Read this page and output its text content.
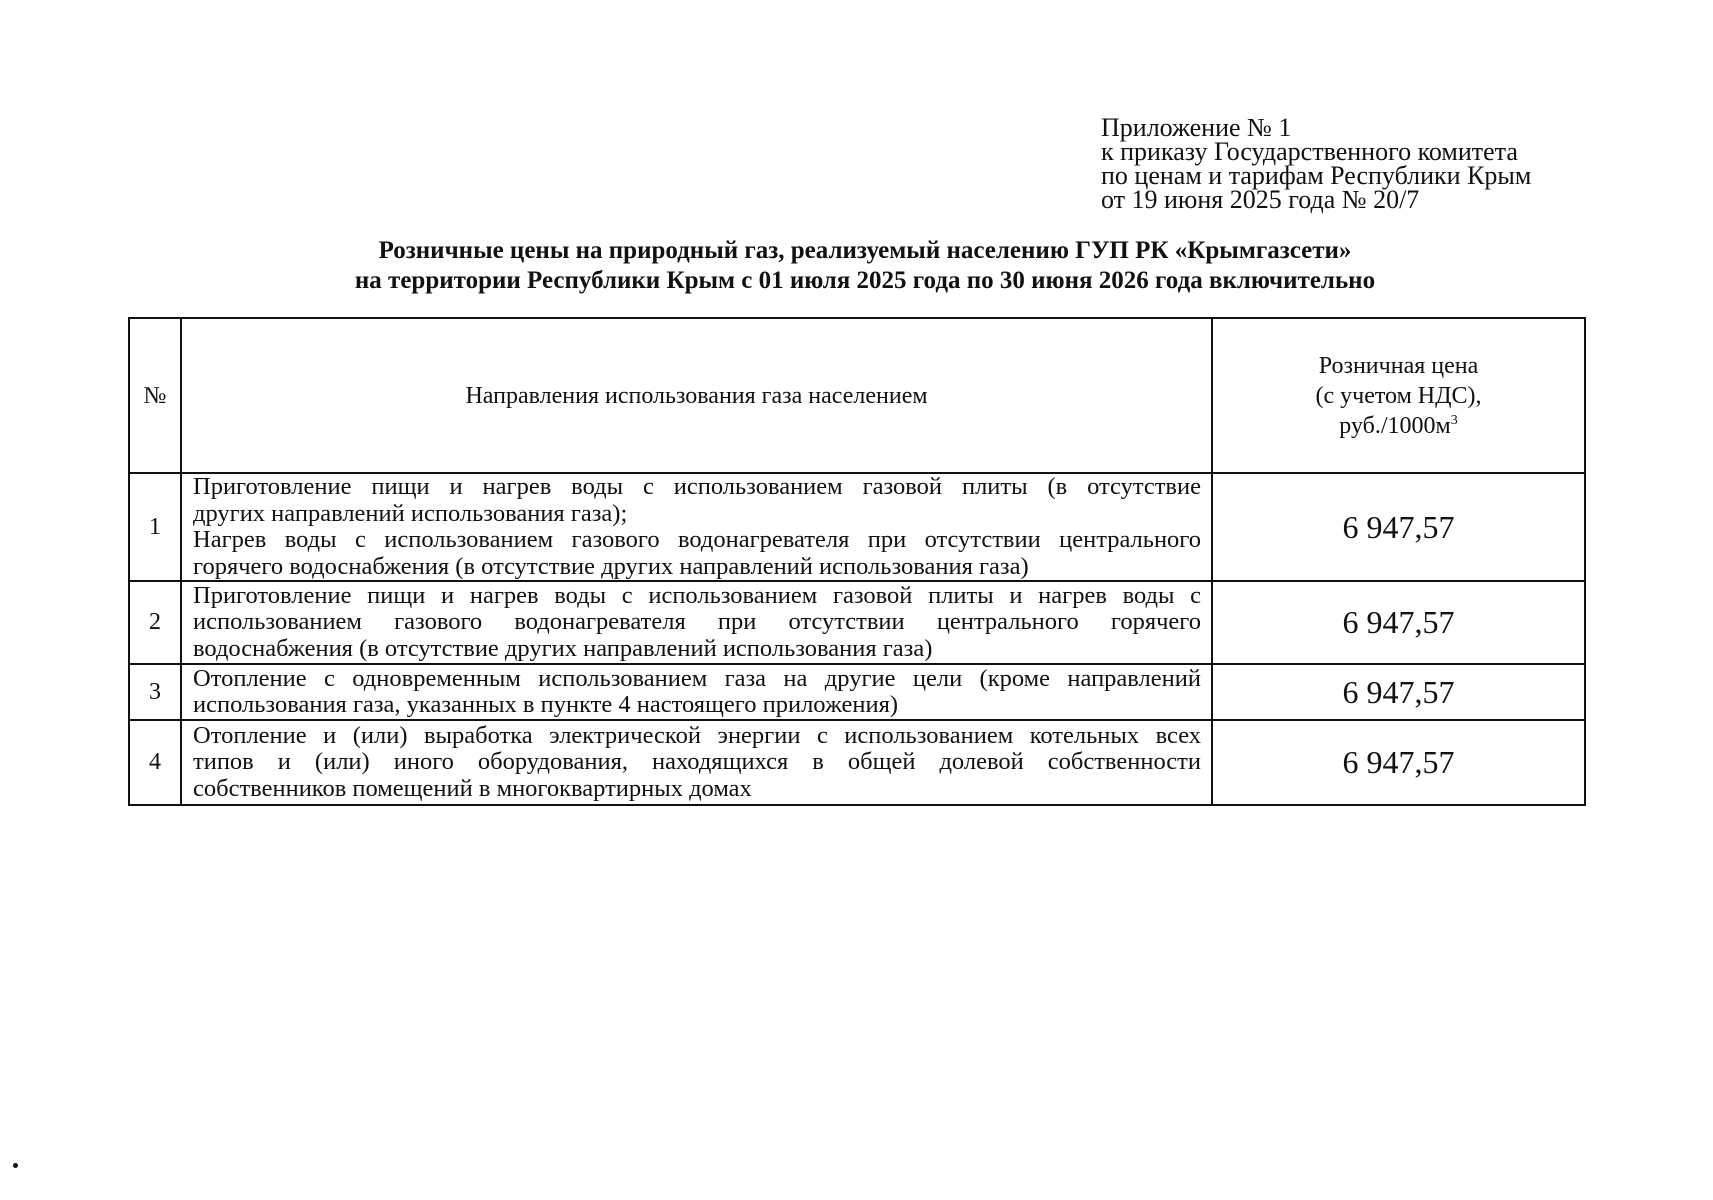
Приложение № 1
к приказу Государственного комитета
по ценам и тарифам Республики Крым
от 19 июня 2025 года № 20/7
Розничные цены на природный газ, реализуемый населению ГУП РК «Крымгазсети»
на территории Республики Крым с 01 июля 2025 года по 30 июня 2026 года включительно
№	Направления использования газа населением	Розничная цена
(с учетом НДС),
$руб./1000м^3$

1	Приготовление пищи и нагрев воды с использованием газовой плиты (в отсутствие
других направлений использования газа);
Нагрев воды с использованием газового водонагревателя при отсутствии центрального
горячего водоснабжения (в отсутствие других направлений использования газа)	6 947,57
2	Приготовление пищи и нагрев воды с использованием газовой плиты и нагрев воды с
использованием газового водонагревателя при отсутствии центрального горячего
водоснабжения (в отсутствие других направлений использования газа)	6 947,57
3	Отопление с одновременным использованием газа на другие цели (кроме направлений
использования газа, указанных в пункте 4 настоящего приложения)	6 947,57
4	Отопление и (или) выработка электрической энергии с использованием котельных всех
типов и (или) иного оборудования, находящихся в общей долевой собственности
собственников помещений в многоквартирных домах	6 947,57
